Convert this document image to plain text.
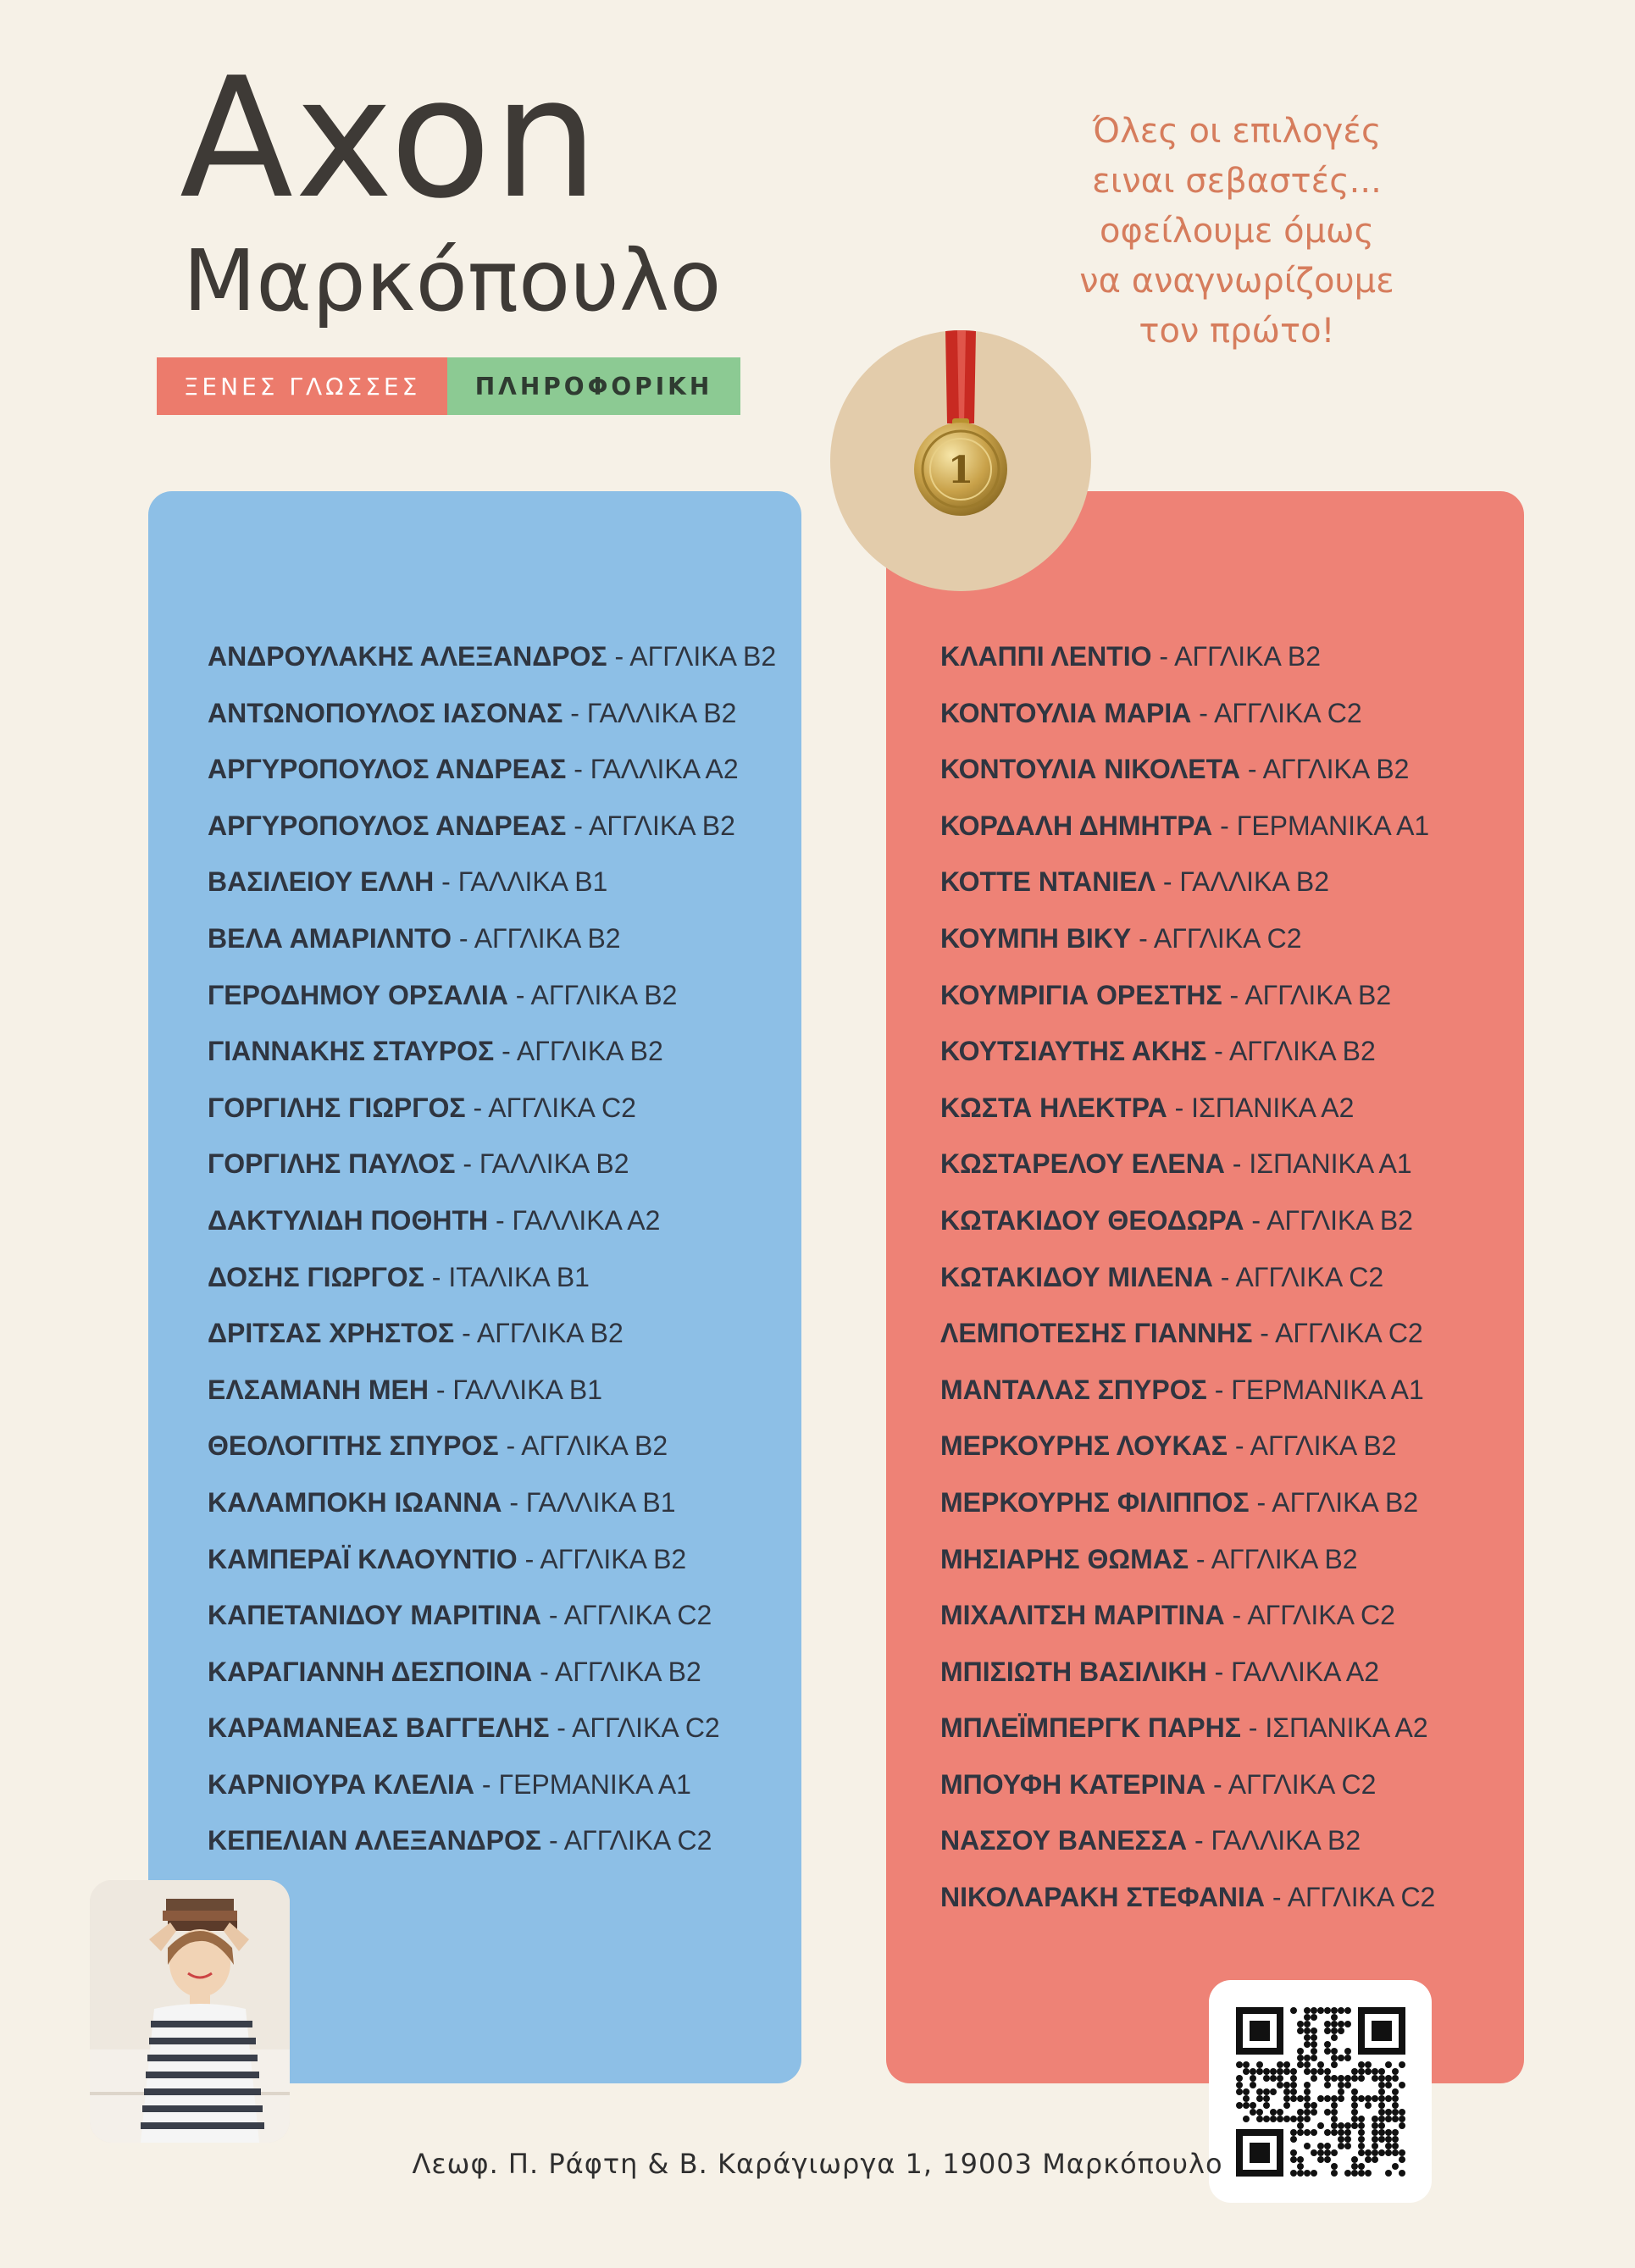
Axon
Μαρκόπουλο
ΞΕΝΕΣ ΓΛΩΣΣΕΣ	ΠΛΗΡΟΦΟΡΙΚΗ
Όλες οι επιλογές
ειναι σεβαστές...
οφείλουμε όμως
να αναγνωρίζουμε
τον πρώτο!
ΑΝΔΡΟΥΛΑΚΗΣ ΑΛΕΞΑΝΔΡΟΣ - ΑΓΓΛΙΚΑ Β2
ΑΝΤΩΝΟΠΟΥΛΟΣ ΙΑΣΟΝΑΣ - ΓΑΛΛΙΚΑ Β2
ΑΡΓΥΡΟΠΟΥΛΟΣ ΑΝΔΡΕΑΣ - ΓΑΛΛΙΚΑ Α2
ΑΡΓΥΡΟΠΟΥΛΟΣ ΑΝΔΡΕΑΣ - ΑΓΓΛΙΚΑ Β2
ΒΑΣΙΛΕΙΟΥ ΕΛΛΗ - ΓΑΛΛΙΚΑ Β1
ΒΕΛΑ ΑΜΑΡΙΛΝΤΟ - ΑΓΓΛΙΚΑ Β2
ΓΕΡΟΔΗΜΟΥ ΟΡΣΑΛΙΑ - ΑΓΓΛΙΚΑ Β2
ΓΙΑΝΝΑΚΗΣ ΣΤΑΥΡΟΣ - ΑΓΓΛΙΚΑ Β2
ΓΟΡΓΙΛΗΣ ΓΙΩΡΓΟΣ - ΑΓΓΛΙΚΑ C2
ΓΟΡΓΙΛΗΣ ΠΑΥΛΟΣ - ΓΑΛΛΙΚΑ Β2
ΔΑΚΤΥΛΙΔΗ ΠΟΘΗΤΗ - ΓΑΛΛΙΚΑ Α2
ΔΟΣΗΣ ΓΙΩΡΓΟΣ - ΙΤΑΛΙΚΑ Β1
ΔΡΙΤΣΑΣ ΧΡΗΣΤΟΣ - ΑΓΓΛΙΚΑ Β2
ΕΛΣΑΜΑΝΗ ΜΕΗ - ΓΑΛΛΙΚΑ Β1
ΘΕΟΛΟΓΙΤΗΣ ΣΠΥΡΟΣ - ΑΓΓΛΙΚΑ Β2
ΚΑΛΑΜΠΟΚΗ ΙΩΑΝΝΑ - ΓΑΛΛΙΚΑ Β1
ΚΑΜΠΕΡΑΪ ΚΛΑΟΥΝΤΙΟ - ΑΓΓΛΙΚΑ Β2
ΚΑΠΕΤΑΝΙΔΟΥ ΜΑΡΙΤΙΝΑ - ΑΓΓΛΙΚΑ C2
ΚΑΡΑΓΙΑΝΝΗ ΔΕΣΠΟΙΝΑ - ΑΓΓΛΙΚΑ Β2
ΚΑΡΑΜΑΝΕΑΣ ΒΑΓΓΕΛΗΣ - ΑΓΓΛΙΚΑ C2
ΚΑΡΝΙΟΥΡΑ ΚΛΕΛΙΑ - ΓΕΡΜΑΝΙΚΑ Α1
ΚΕΠΕΛΙΑΝ ΑΛΕΞΑΝΔΡΟΣ - ΑΓΓΛΙΚΑ C2
ΚΛΑΠΠΙ ΛΕΝΤΙΟ - ΑΓΓΛΙΚΑ Β2
ΚΟΝΤΟΥΛΙΑ ΜΑΡΙΑ - ΑΓΓΛΙΚΑ C2
ΚΟΝΤΟΥΛΙΑ ΝΙΚΟΛΕΤΑ - ΑΓΓΛΙΚΑ Β2
ΚΟΡΔΑΛΗ ΔΗΜΗΤΡΑ - ΓΕΡΜΑΝΙΚΑ Α1
ΚΟΤΤΕ ΝΤΑΝΙΕΛ - ΓΑΛΛΙΚΑ Β2
ΚΟΥΜΠΗ ΒΙΚΥ - ΑΓΓΛΙΚΑ C2
ΚΟΥΜΡΙΓΙΑ ΟΡΕΣΤΗΣ - ΑΓΓΛΙΚΑ Β2
ΚΟΥΤΣΙΑΥΤΗΣ ΑΚΗΣ - ΑΓΓΛΙΚΑ Β2
ΚΩΣΤΑ ΗΛΕΚΤΡΑ - ΙΣΠΑΝΙΚΑ Α2
ΚΩΣΤΑΡΕΛΟΥ ΕΛΕΝΑ - ΙΣΠΑΝΙΚΑ Α1
ΚΩΤΑΚΙΔΟΥ ΘΕΟΔΩΡΑ - ΑΓΓΛΙΚΑ Β2
ΚΩΤΑΚΙΔΟΥ ΜΙΛΕΝΑ - ΑΓΓΛΙΚΑ C2
ΛΕΜΠΟΤΕΣΗΣ ΓΙΑΝΝΗΣ - ΑΓΓΛΙΚΑ C2
ΜΑΝΤΑΛΑΣ ΣΠΥΡΟΣ - ΓΕΡΜΑΝΙΚΑ Α1
ΜΕΡΚΟΥΡΗΣ ΛΟΥΚΑΣ - ΑΓΓΛΙΚΑ Β2
ΜΕΡΚΟΥΡΗΣ ΦΙΛΙΠΠΟΣ - ΑΓΓΛΙΚΑ Β2
ΜΗΣΙΑΡΗΣ ΘΩΜΑΣ - ΑΓΓΛΙΚΑ Β2
ΜΙΧΑΛΙΤΣΗ ΜΑΡΙΤΙΝΑ - ΑΓΓΛΙΚΑ C2
ΜΠΙΣΙΩΤΗ ΒΑΣΙΛΙΚΗ - ΓΑΛΛΙΚΑ Α2
ΜΠΛΕΪΜΠΕΡΓΚ ΠΑΡΗΣ - ΙΣΠΑΝΙΚΑ Α2
ΜΠΟΥΦΗ ΚΑΤΕΡΙΝΑ - ΑΓΓΛΙΚΑ C2
ΝΑΣΣΟΥ ΒΑΝΕΣΣΑ - ΓΑΛΛΙΚΑ Β2
ΝΙΚΟΛΑΡΑΚΗ ΣΤΕΦΑΝΙΑ - ΑΓΓΛΙΚΑ C2
1
Λεωφ. Π. Ράφτη & Β. Καράγιωργα 1, 19003 Μαρκόπουλο
